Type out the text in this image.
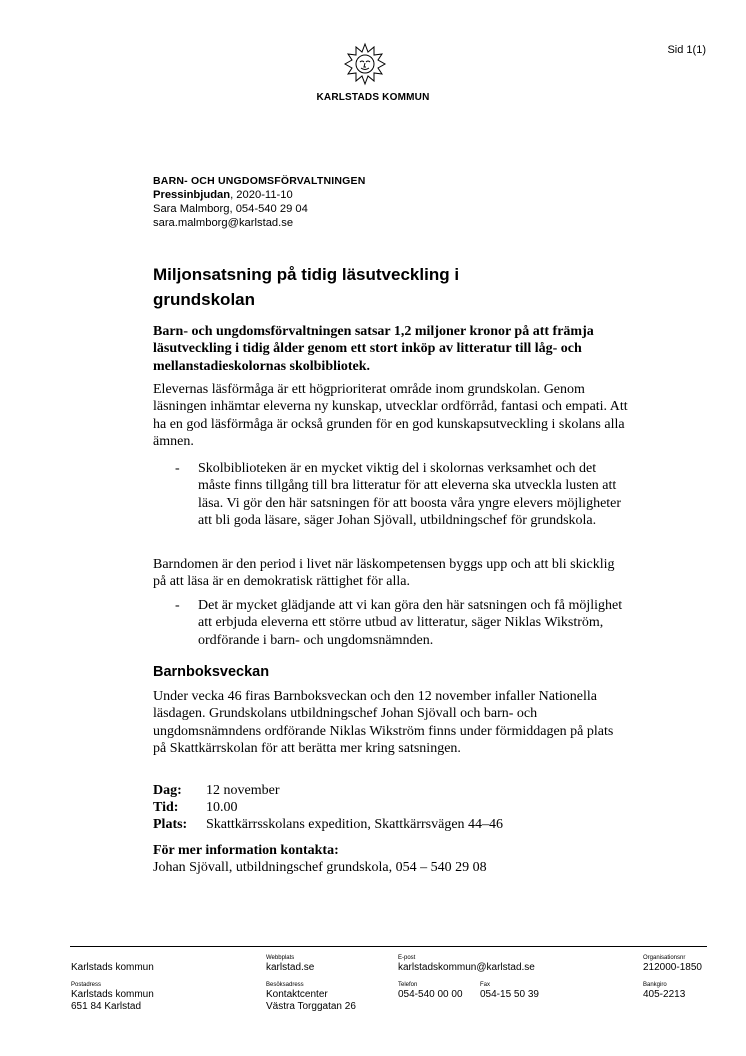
Sid 1(1)
KARLSTADS KOMMUN
BARN- OCH UNGDOMSFÖRVALTNINGEN
Pressinbjudan, 2020-11-10
Sara Malmborg, 054-540 29 04
sara.malmborg@karlstad.se
Miljonsatsning på tidig läsutveckling i
grundskolan
Barn- och ungdomsförvaltningen satsar 1,2 miljoner kronor på att främja läsutveckling i tidig ålder genom ett stort inköp av litteratur till låg- och mellanstadieskolornas skolbibliotek.
Elevernas läsförmåga är ett högprioriterat område inom grundskolan. Genom läsningen inhämtar eleverna ny kunskap, utvecklar ordförråd, fantasi och empati. Att ha en god läsförmåga är också grunden för en god kunskapsutveckling i skolans alla ämnen.
- Skolbiblioteken är en mycket viktig del i skolornas verksamhet och det måste finns tillgång till bra litteratur för att eleverna ska utveckla lusten att läsa. Vi gör den här satsningen för att boosta våra yngre elevers möjligheter att bli goda läsare, säger Johan Sjövall, utbildningschef för grundskola.
Barndomen är den period i livet när läskompetensen byggs upp och att bli skicklig på att läsa är en demokratisk rättighet för alla.
- Det är mycket glädjande att vi kan göra den här satsningen och få möjlighet att erbjuda eleverna ett större utbud av litteratur, säger Niklas Wikström, ordförande i barn- och ungdomsnämnden.
Barnboksveckan
Under vecka 46 firas Barnboksveckan och den 12 november infaller Nationella läsdagen. Grundskolans utbildningschef Johan Sjövall och barn- och ungdomsnämndens ordförande Niklas Wikström finns under förmiddagen på plats på Skattkärrskolan för att berätta mer kring satsningen.
Dag: 12 november
Tid: 10.00
Plats: Skattkärrsskolans expedition, Skattkärrsvägen 44–46
För mer information kontakta:
Johan Sjövall, utbildningschef grundskola, 054 – 540 29 08

Karlstads kommun
Webbplats
karlstad.se
E-post
karlstadskommun@karlstad.se
Organisationsnr
212000-1850
Postadress
Karlstads kommun
651 84 Karlstad
Besöksadress
Kontaktcenter
Västra Torggatan 26
Telefon
054-540 00 00
Fax
054-15 50 39
Bankgiro
405-2213
